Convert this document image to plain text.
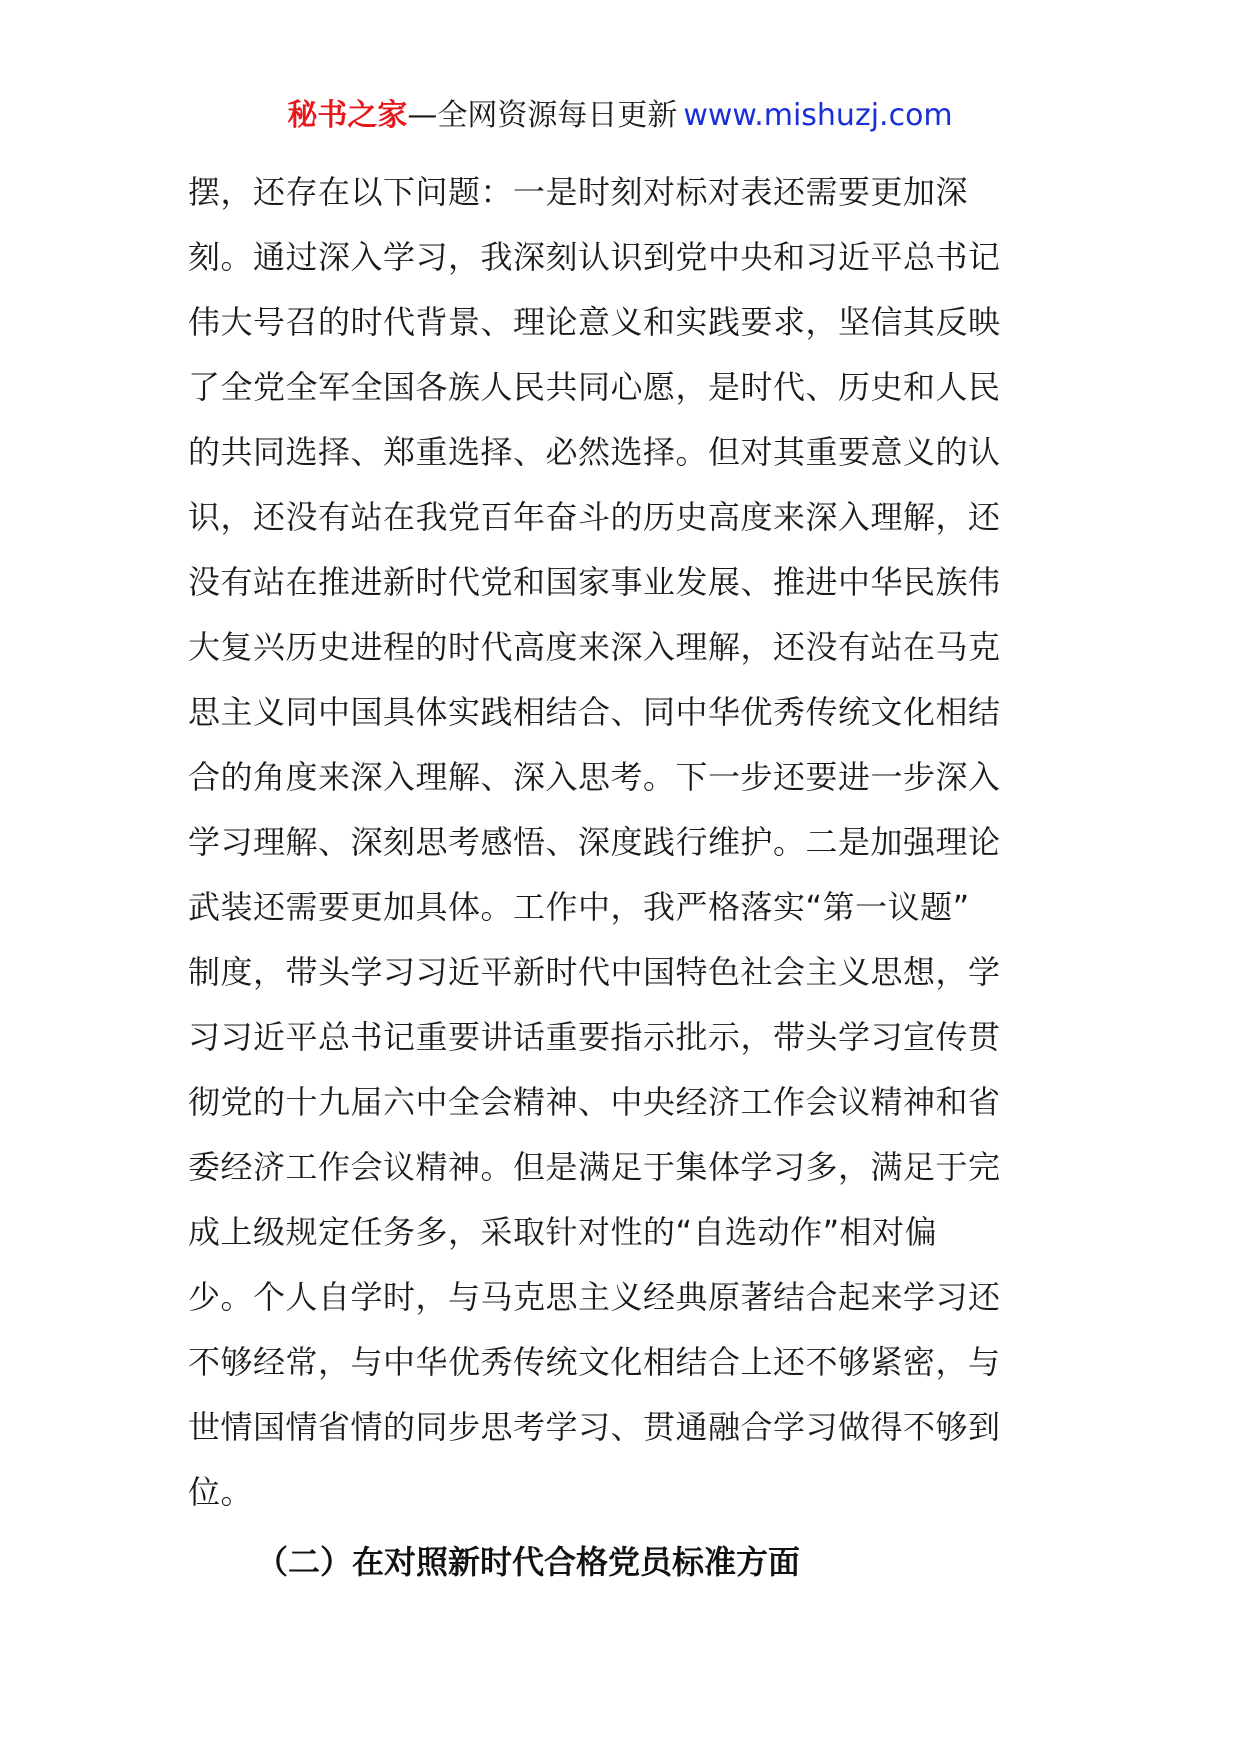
秘书之家—全网资源每日更新 www.mishuzj.com
摆，还存在以下问题：一是时刻对标对表还需要更加深
刻。通过深入学习，我深刻认识到党中央和习近平总书记
伟大号召的时代背景、理论意义和实践要求，坚信其反映
了全党全军全国各族人民共同心愿，是时代、历史和人民
的共同选择、郑重选择、必然选择。但对其重要意义的认
识，还没有站在我党百年奋斗的历史高度来深入理解，还
没有站在推进新时代党和国家事业发展、推进中华民族伟
大复兴历史进程的时代高度来深入理解，还没有站在马克
思主义同中国具体实践相结合、同中华优秀传统文化相结
合的角度来深入理解、深入思考。下一步还要进一步深入
学习理解、深刻思考感悟、深度践行维护。二是加强理论
武装还需要更加具体。工作中，我严格落实“第一议题”
制度，带头学习习近平新时代中国特色社会主义思想，学
习习近平总书记重要讲话重要指示批示，带头学习宣传贯
彻党的十九届六中全会精神、中央经济工作会议精神和省
委经济工作会议精神。但是满足于集体学习多，满足于完
成上级规定任务多，采取针对性的“自选动作”相对偏
少。个人自学时，与马克思主义经典原著结合起来学习还
不够经常，与中华优秀传统文化相结合上还不够紧密，与
世情国情省情的同步思考学习、贯通融合学习做得不够到
位。
（二）在对照新时代合格党员标准方面
